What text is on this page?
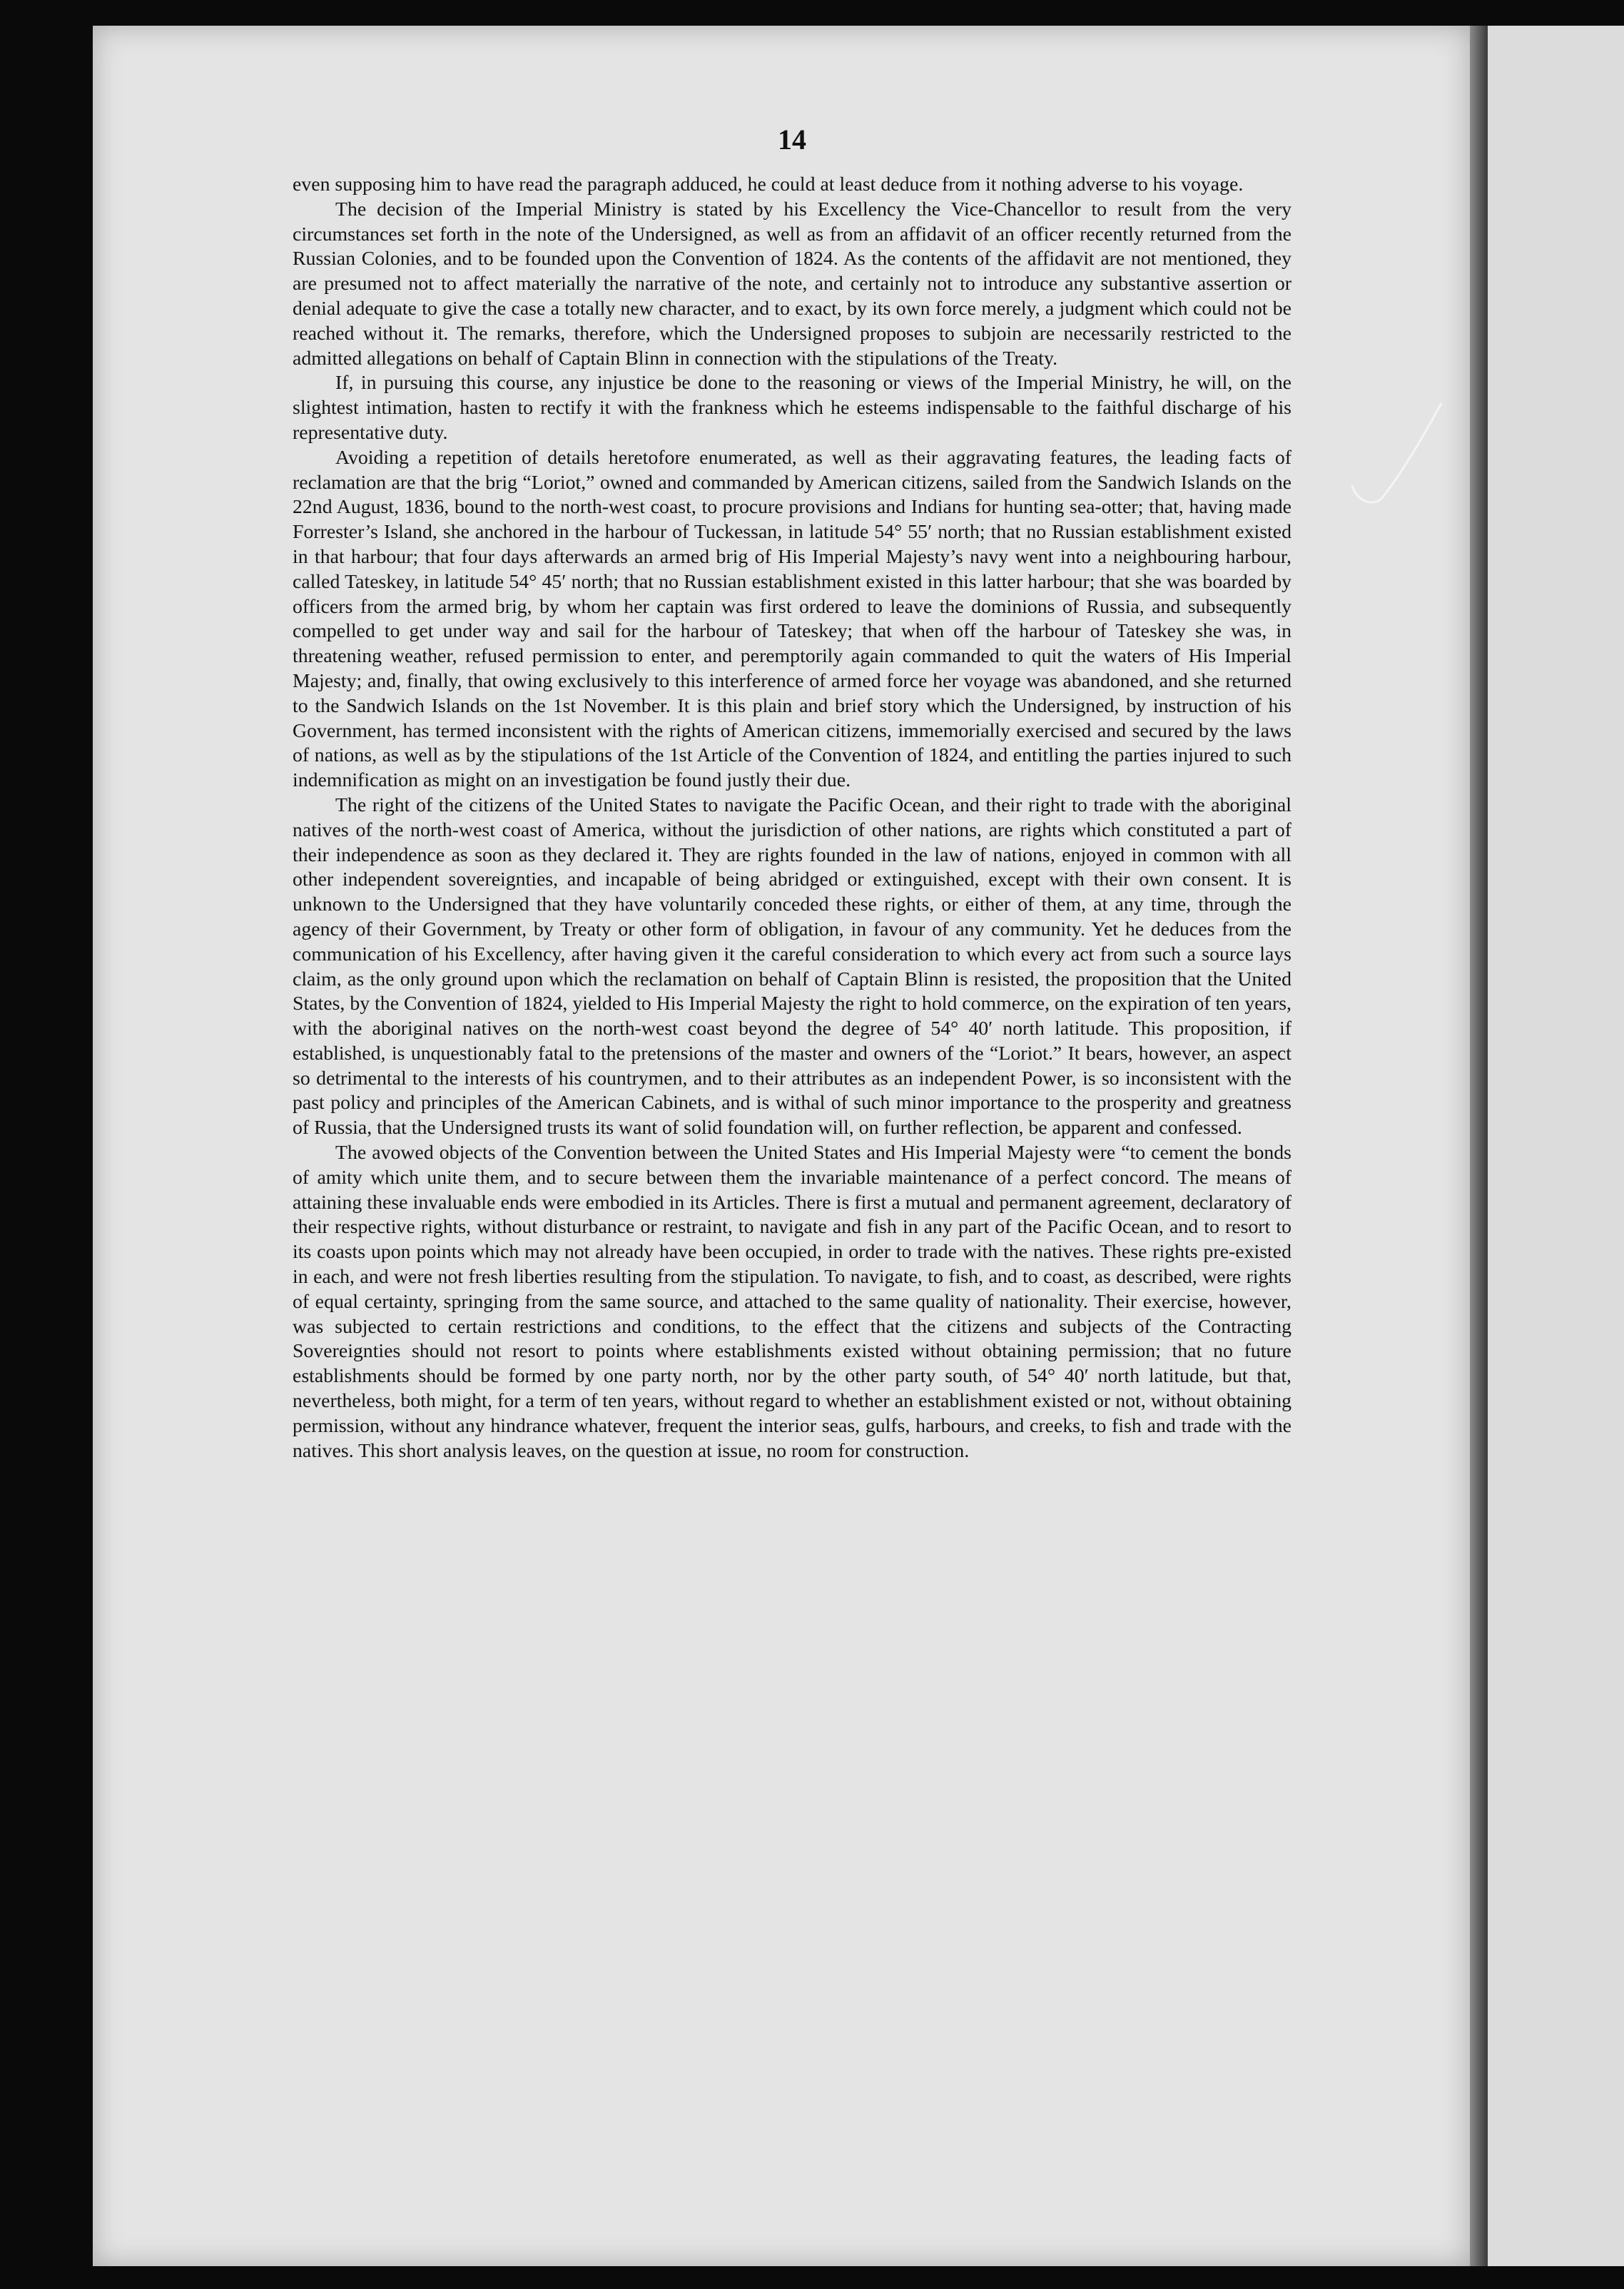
14

even supposing him to have read the paragraph adduced, he could at least deduce from it nothing adverse to his voyage.

The decision of the Imperial Ministry is stated by his Excellency the Vice-Chancellor to result from the very circumstances set forth in the note of the Undersigned, as well as from an affidavit of an officer recently returned from the Russian Colonies, and to be founded upon the Convention of 1824. As the contents of the affidavit are not mentioned, they are presumed not to affect materially the narrative of the note, and certainly not to introduce any substantive assertion or denial adequate to give the case a totally new character, and to exact, by its own force merely, a judgment which could not be reached without it. The remarks, therefore, which the Undersigned proposes to subjoin are necessarily restricted to the admitted allegations on behalf of Captain Blinn in connection with the stipulations of the Treaty.

If, in pursuing this course, any injustice be done to the reasoning or views of the Imperial Ministry, he will, on the slightest intimation, hasten to rectify it with the frankness which he esteems indispensable to the faithful discharge of his representative duty.

Avoiding a repetition of details heretofore enumerated, as well as their aggravating features, the leading facts of reclamation are that the brig “Loriot,” owned and commanded by American citizens, sailed from the Sandwich Islands on the 22nd August, 1836, bound to the north-west coast, to procure provisions and Indians for hunting sea-otter; that, having made Forrester’s Island, she anchored in the harbour of Tuckessan, in latitude 54° 55′ north; that no Russian establishment existed in that harbour; that four days afterwards an armed brig of His Imperial Majesty’s navy went into a neighbouring harbour, called Tateskey, in latitude 54° 45′ north; that no Russian establishment existed in this latter harbour; that she was boarded by officers from the armed brig, by whom her captain was first ordered to leave the dominions of Russia, and subsequently compelled to get under way and sail for the harbour of Tateskey; that when off the harbour of Tateskey she was, in threatening weather, refused permission to enter, and peremptorily again commanded to quit the waters of His Imperial Majesty; and, finally, that owing exclusively to this interference of armed force her voyage was abandoned, and she returned to the Sandwich Islands on the 1st November. It is this plain and brief story which the Undersigned, by instruction of his Government, has termed inconsistent with the rights of American citizens, immemorially exercised and secured by the laws of nations, as well as by the stipulations of the 1st Article of the Convention of 1824, and entitling the parties injured to such indemnification as might on an investigation be found justly their due.

The right of the citizens of the United States to navigate the Pacific Ocean, and their right to trade with the aboriginal natives of the north-west coast of America, without the jurisdiction of other nations, are rights which constituted a part of their independence as soon as they declared it. They are rights founded in the law of nations, enjoyed in common with all other independent sovereignties, and incapable of being abridged or extinguished, except with their own consent. It is unknown to the Undersigned that they have voluntarily conceded these rights, or either of them, at any time, through the agency of their Government, by Treaty or other form of obligation, in favour of any community. Yet he deduces from the communication of his Excellency, after having given it the careful consideration to which every act from such a source lays claim, as the only ground upon which the reclamation on behalf of Captain Blinn is resisted, the proposition that the United States, by the Convention of 1824, yielded to His Imperial Majesty the right to hold commerce, on the expiration of ten years, with the aboriginal natives on the north-west coast beyond the degree of 54° 40′ north latitude. This proposition, if established, is unquestionably fatal to the pretensions of the master and owners of the “Loriot.” It bears, however, an aspect so detrimental to the interests of his countrymen, and to their attributes as an independent Power, is so inconsistent with the past policy and principles of the American Cabinets, and is withal of such minor importance to the prosperity and greatness of Russia, that the Undersigned trusts its want of solid foundation will, on further reflection, be apparent and confessed.

The avowed objects of the Convention between the United States and His Imperial Majesty were “to cement the bonds of amity which unite them, and to secure between them the invariable maintenance of a perfect concord. The means of attaining these invaluable ends were embodied in its Articles. There is first a mutual and permanent agreement, declaratory of their respective rights, without disturbance or restraint, to navigate and fish in any part of the Pacific Ocean, and to resort to its coasts upon points which may not already have been occupied, in order to trade with the natives. These rights pre-existed in each, and were not fresh liberties resulting from the stipulation. To navigate, to fish, and to coast, as described, were rights of equal certainty, springing from the same source, and attached to the same quality of nationality. Their exercise, however, was subjected to certain restrictions and conditions, to the effect that the citizens and subjects of the Contracting Sovereignties should not resort to points where establishments existed without obtaining permission; that no future establishments should be formed by one party north, nor by the other party south, of 54° 40′ north latitude, but that, nevertheless, both might, for a term of ten years, without regard to whether an establishment existed or not, without obtaining permission, without any hindrance whatever, frequent the interior seas, gulfs, harbours, and creeks, to fish and trade with the natives. This short analysis leaves, on the question at issue, no room for construction.
